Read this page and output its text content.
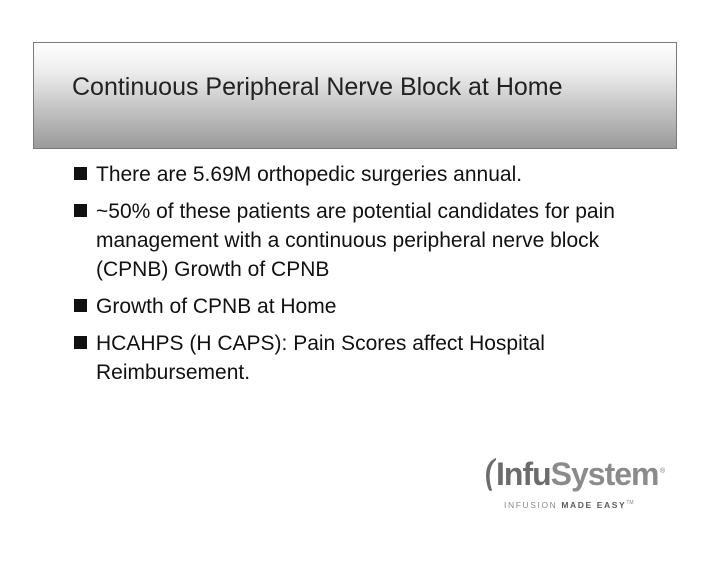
Continuous Peripheral Nerve Block at Home
There are 5.69M orthopedic surgeries annual.
~50% of these patients are potential candidates for pain management with a continuous peripheral nerve block (CPNB) Growth of CPNB
Growth of CPNB at Home
HCAHPS (H CAPS): Pain Scores affect Hospital Reimbursement.
InfuSystem ®
INFUSION MADE EASY™
